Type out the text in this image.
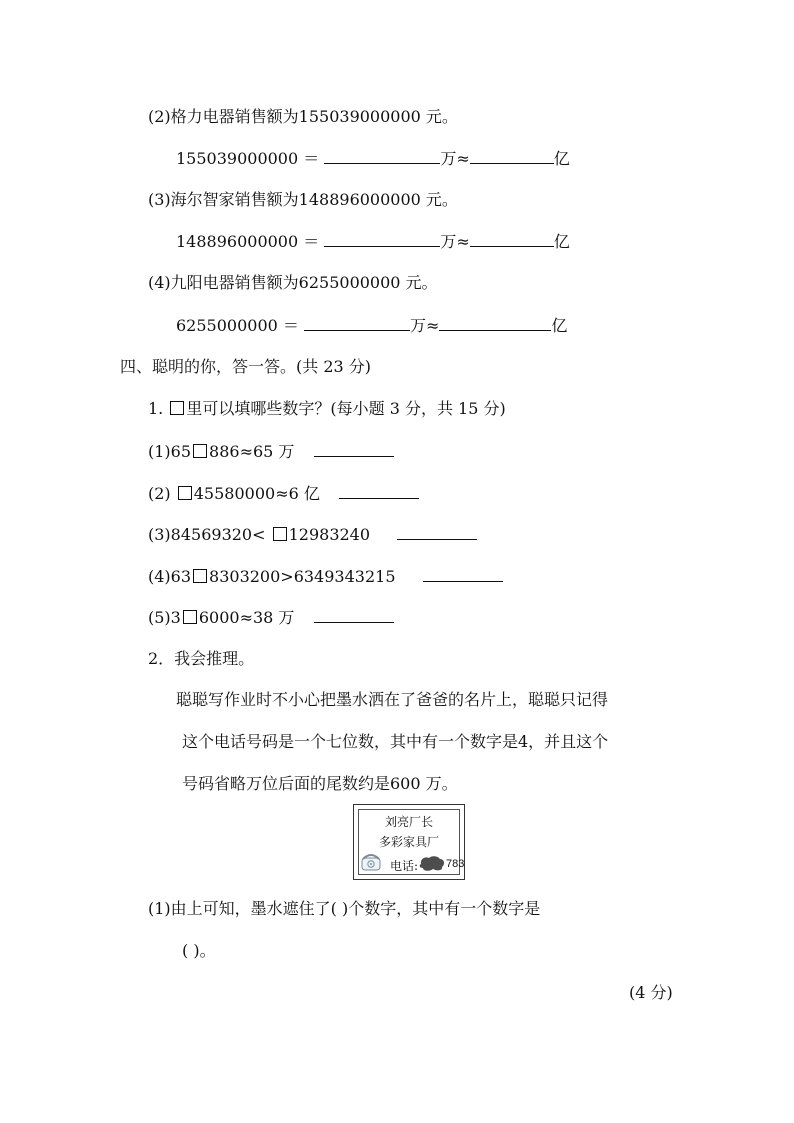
(2)格力电器销售额为155039000000 元。
155039000000 ＝	万≈	亿
(3)海尔智家销售额为148896000000 元。
148896000000 ＝	万≈	亿
(4)九阳电器销售额为6255000000 元。
6255000000 ＝	万≈	亿
四、聪明的你，答一答。(共 23 分)
1. 里可以填哪些数字？(每小题 3 分，共 15 分)
(1)65 886≈65 万
(2) 45580000≈6 亿
(3)84569320< 12983240
(4)63 8303200>6349343215
(5)3 6000≈38 万
2．我会推理。
聪聪写作业时不小心把墨水洒在了爸爸的名片上，聪聪只记得
这个电话号码是一个七位数，其中有一个数字是4，并且这个
号码省略万位后面的尾数约是600 万。
刘亮厂长
多彩家具厂
电话:	783
(1)由上可知，墨水遮住了( )个数字，其中有一个数字是
( )。
(4 分)
